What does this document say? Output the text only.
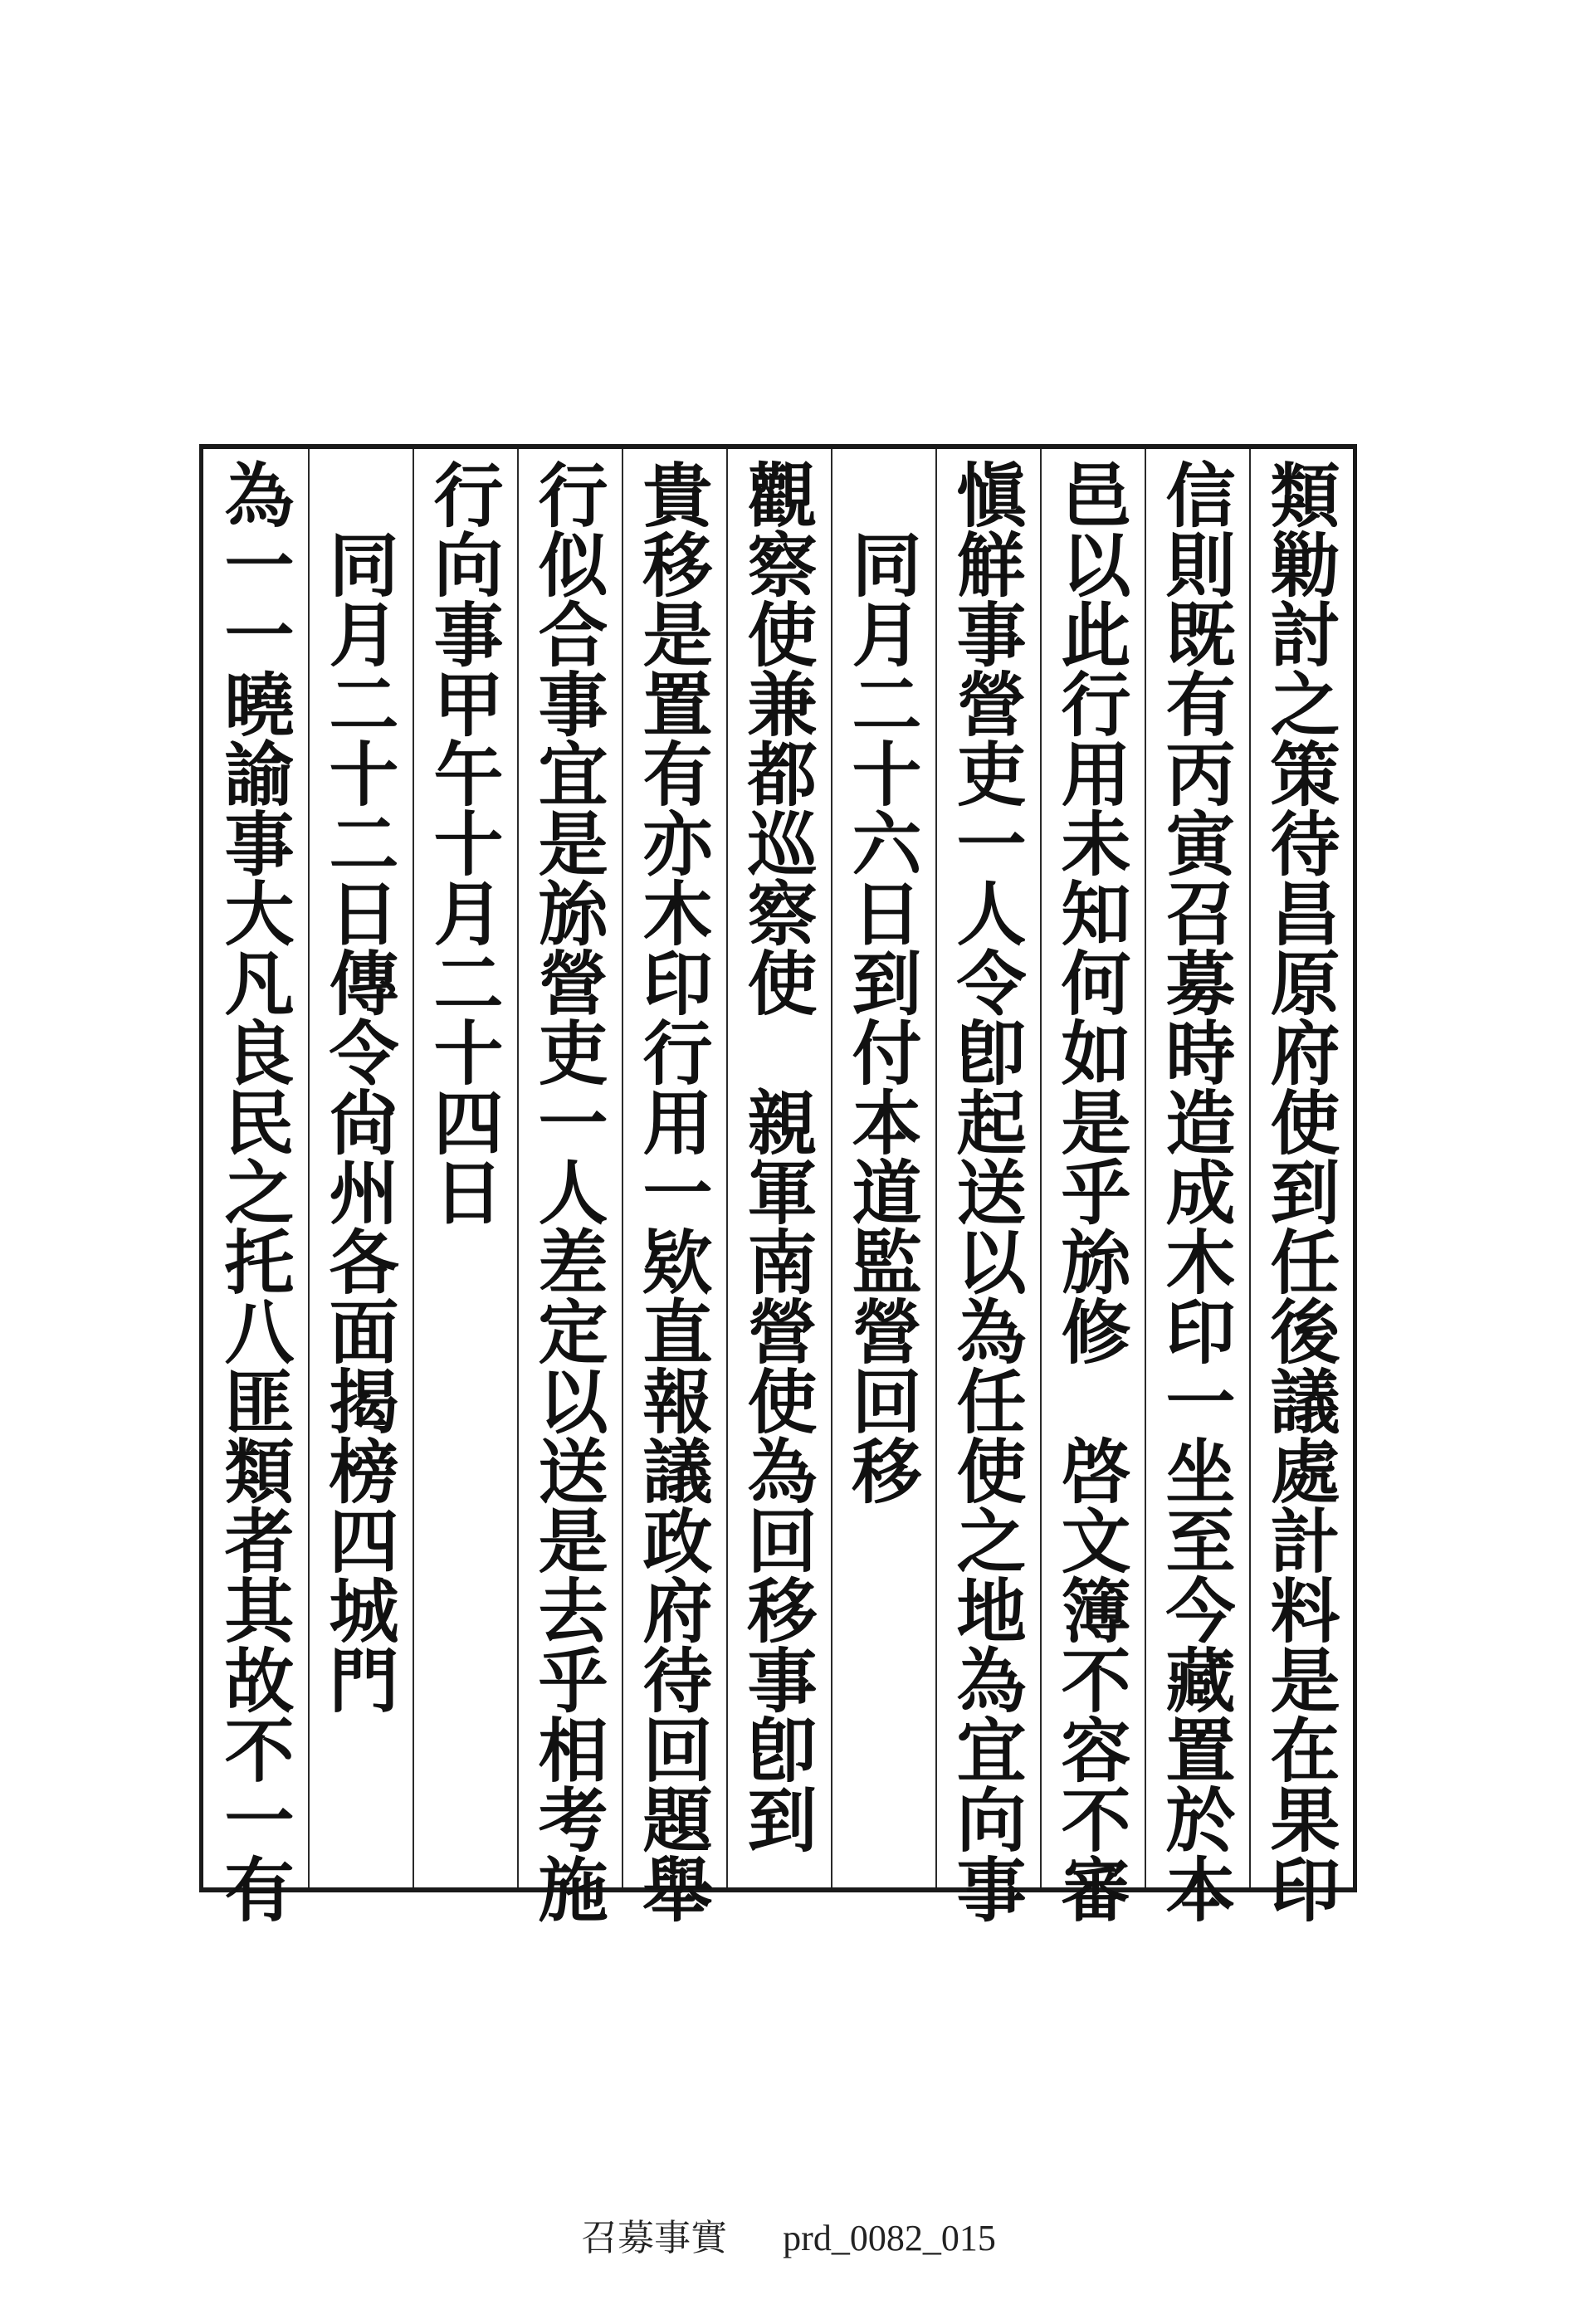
類勦討之策待昌原府使到任後議處計料是在果印
信則既有丙寅召募時造成木印一坐至今藏置於本
邑以此行用未知何如是乎旀修　啓文簿不容不審
愼觧事營吏一人令卽起送以為任使之地為宜向事
　同月二十六日到付本道監營回移
觀察使兼都巡察使　親軍南營使為回移事卽到
貴移是置有亦木印行用一欵直報議政府待回題舉
行似合事宜是旀營吏一人差定以送是去乎相考施
行向事甲午十月二十四日
　同月二十二日傳令尙州各面揭榜四城門
為一一曉諭事大凡良民之托八匪類者其故不一有
召募事實 prd_0082_015
